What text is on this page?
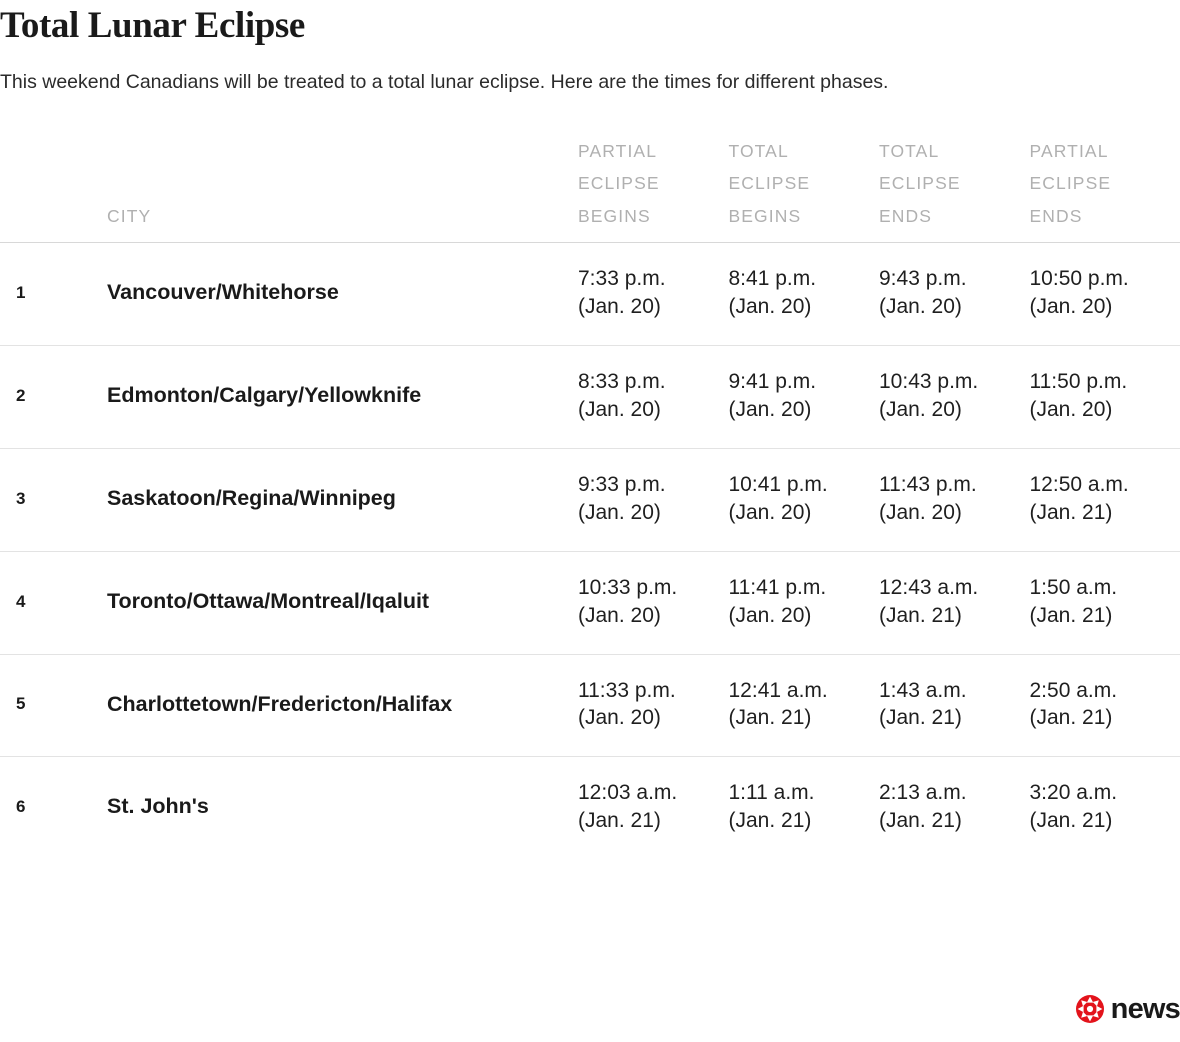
Total Lunar Eclipse

This weekend Canadians will be treated to a total lunar eclipse. Here are the times for different phases.

	CITY	PARTIAL
ECLIPSE
BEGINS	TOTAL
ECLIPSE
BEGINS	TOTAL
ECLIPSE
ENDS	PARTIAL
ECLIPSE
ENDS
1	Vancouver/Whitehorse	7:33 p.m.
(Jan. 20)	8:41 p.m.
(Jan. 20)	9:43 p.m.
(Jan. 20)	10:50 p.m.
(Jan. 20)

2	Edmonton/Calgary/Yellowknife	8:33 p.m.
(Jan. 20)	9:41 p.m.
(Jan. 20)	10:43 p.m.
(Jan. 20)	11:50 p.m.
(Jan. 20)

3	Saskatoon/Regina/Winnipeg	9:33 p.m.
(Jan. 20)	10:41 p.m.
(Jan. 20)	11:43 p.m.
(Jan. 20)	12:50 a.m.
(Jan. 21)

4	Toronto/Ottawa/Montreal/Iqaluit	10:33 p.m.
(Jan. 20)	11:41 p.m.
(Jan. 20)	12:43 a.m.
(Jan. 21)	1:50 a.m.
(Jan. 21)

5	Charlottetown/Fredericton/Halifax	11:33 p.m.
(Jan. 20)	12:41 a.m.
(Jan. 21)	1:43 a.m.
(Jan. 21)	2:50 a.m.
(Jan. 21)

6	St. John's	12:03 a.m.
(Jan. 21)	1:11 a.m.
(Jan. 21)	2:13 a.m.
(Jan. 21)	3:20 a.m.
(Jan. 21)
news
